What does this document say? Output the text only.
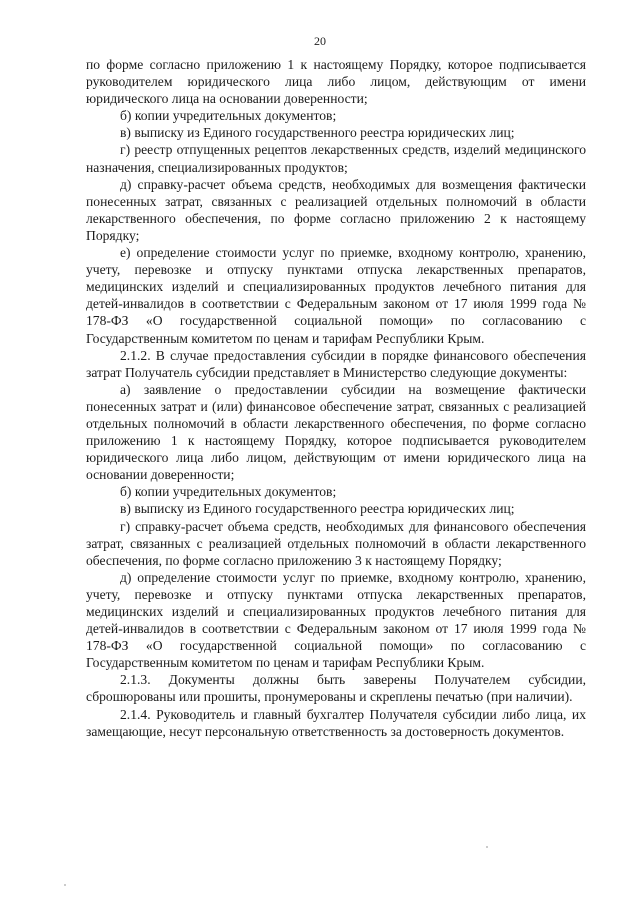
20

по форме согласно приложению 1 к настоящему Порядку, которое подписывается руководителем юридического лица либо лицом, действующим от имени юридического лица на основании доверенности;

б) копии учредительных документов;

в) выписку из Единого государственного реестра юридических лиц;

г) реестр отпущенных рецептов лекарственных средств, изделий медицинского назначения, специализированных продуктов;

д) справку-расчет объема средств, необходимых для возмещения фактически понесенных затрат, связанных с реализацией отдельных полномочий в области лекарственного обеспечения, по форме согласно приложению 2 к настоящему Порядку;

е) определение стоимости услуг по приемке, входному контролю, хранению, учету, перевозке и отпуску пунктами отпуска лекарственных препаратов, медицинских изделий и специализированных продуктов лечебного питания для детей-инвалидов в соответствии с Федеральным законом от 17 июля 1999 года № 178-ФЗ «О государственной социальной помощи» по согласованию с Государственным комитетом по ценам и тарифам Республики Крым.

2.1.2. В случае предоставления субсидии в порядке финансового обеспечения затрат Получатель субсидии представляет в Министерство следующие документы:

а) заявление о предоставлении субсидии на возмещение фактически понесенных затрат и (или) финансовое обеспечение затрат, связанных с реализацией отдельных полномочий в области лекарственного обеспечения, по форме согласно приложению 1 к настоящему Порядку, которое подписывается руководителем юридического лица либо лицом, действующим от имени юридического лица на основании доверенности;

б) копии учредительных документов;

в) выписку из Единого государственного реестра юридических лиц;

г) справку-расчет объема средств, необходимых для финансового обеспечения затрат, связанных с реализацией отдельных полномочий в области лекарственного обеспечения, по форме согласно приложению 3 к настоящему Порядку;

д) определение стоимости услуг по приемке, входному контролю, хранению, учету, перевозке и отпуску пунктами отпуска лекарственных препаратов, медицинских изделий и специализированных продуктов лечебного питания для детей-инвалидов в соответствии с Федеральным законом от 17 июля 1999 года № 178-ФЗ «О государственной социальной помощи» по согласованию с Государственным комитетом по ценам и тарифам Республики Крым.

2.1.3. Документы должны быть заверены Получателем субсидии, сброшюрованы или прошиты, пронумерованы и скреплены печатью (при наличии).

2.1.4. Руководитель и главный бухгалтер Получателя субсидии либо лица, их замещающие, несут персональную ответственность за достоверность документов.
